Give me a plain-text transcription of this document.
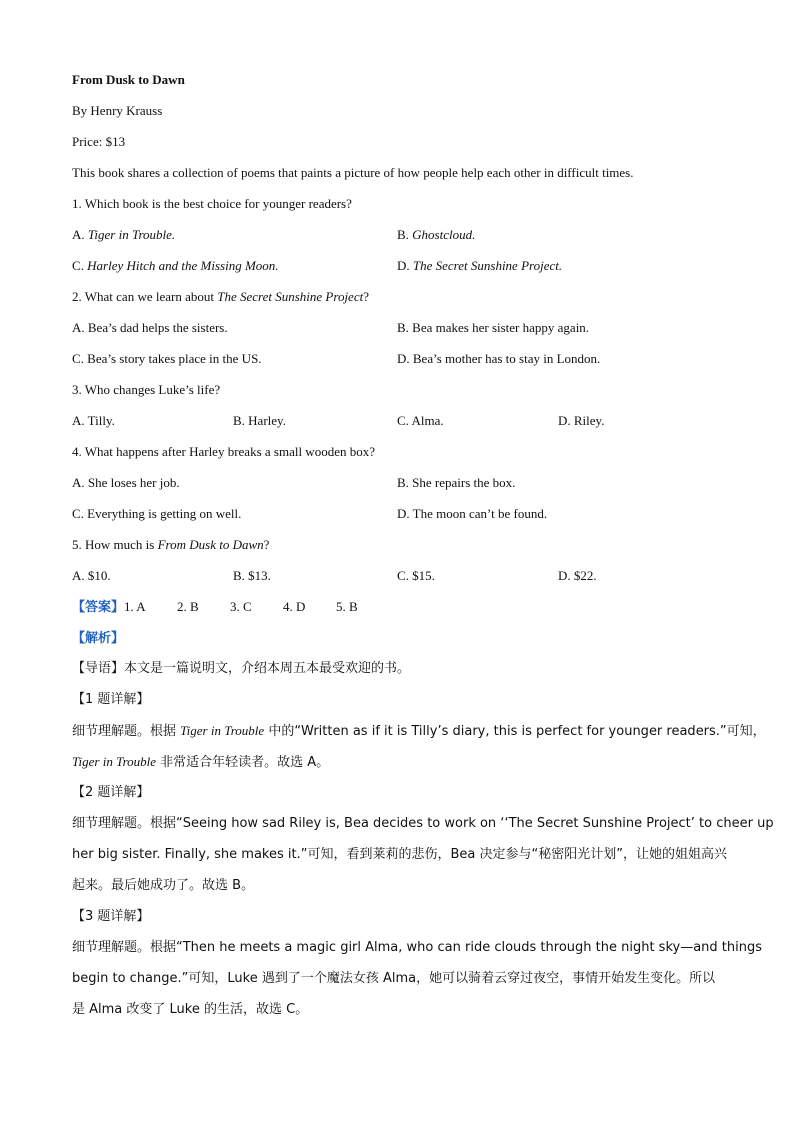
From Dusk to Dawn
By Henry Krauss
Price: $13
This book shares a collection of poems that paints a picture of how people help each other in difficult times.
1. Which book is the best choice for younger readers?
A. Tiger in Trouble.	B. Ghostcloud.
C. Harley Hitch and the Missing Moon.	D. The Secret Sunshine Project.
2. What can we learn about The Secret Sunshine Project?
A. Bea’s dad helps the sisters.	B. Bea makes her sister happy again.
C. Bea’s story takes place in the US.	D. Bea’s mother has to stay in London.
3. Who changes Luke’s life?
A. Tilly.	B. Harley.	C. Alma.	D. Riley.
4. What happens after Harley breaks a small wooden box?
A. She loses her job.	B. She repairs the box.
C. Everything is getting on well.	D. The moon can’t be found.
5. How much is From Dusk to Dawn?
A. $10.	B. $13.	C. $15.	D. $22.
【答案】1. A 2. B 3. C 4. D 5. B
【解析】
【导语】本文是一篇说明文，介绍本周五本最受欢迎的书。
【1 题详解】
细节理解题。根据 Tiger in Trouble 中的“Written as if it is Tilly’s diary, this is perfect for younger readers.”可知，
Tiger in Trouble 非常适合年轻读者。故选 A。
【2 题详解】
细节理解题。根据“Seeing how sad Riley is, Bea decides to work on ‘‘The Secret Sunshine Project’ to cheer up
her big sister. Finally, she makes it.”可知，看到莱莉的悲伤，Bea 决定参与“秘密阳光计划”，让她的姐姐高兴
起来。最后她成功了。故选 B。
【3 题详解】
细节理解题。根据“Then he meets a magic girl Alma, who can ride clouds through the night sky—and things
begin to change.”可知，Luke 遇到了一个魔法女孩 Alma，她可以骑着云穿过夜空，事情开始发生变化。所以
是 Alma 改变了 Luke 的生活，故选 C。
